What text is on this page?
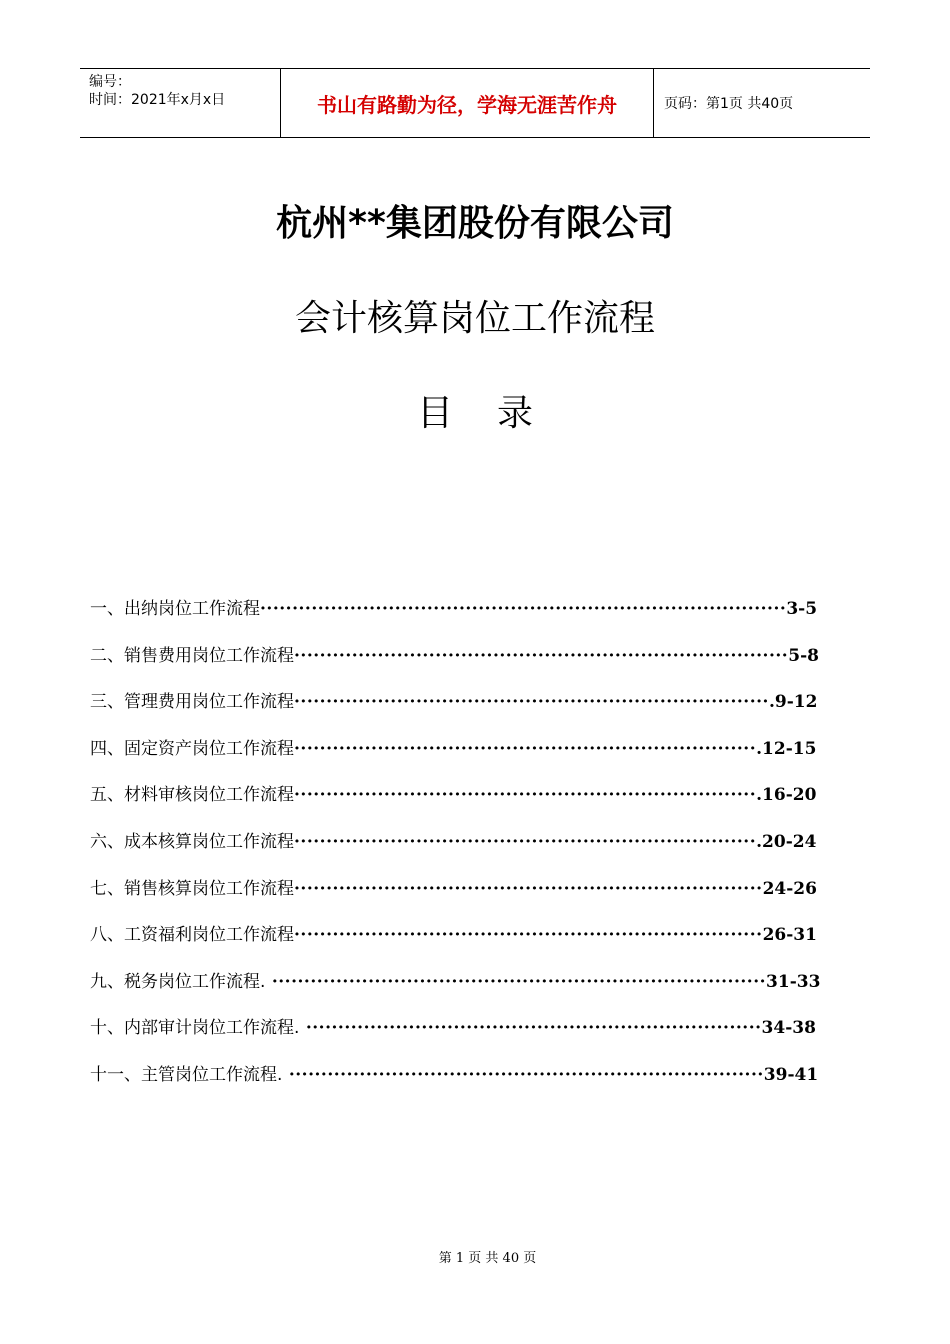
编号：
时间：2021年x月x日	书山有路勤为径，学海无涯苦作舟	页码：第1页 共40页
杭州**集团股份有限公司
会计核算岗位工作流程
目录
一、出纳岗位工作流程··················································································3-5
二、销售费用岗位工作流程·············································································5-8
三、管理费用岗位工作流程··········································································.9-12
四、固定资产岗位工作流程········································································.12-15
五、材料审核岗位工作流程········································································.16-20
六、成本核算岗位工作流程········································································.20-24
七、销售核算岗位工作流程·········································································24-26
八、工资福利岗位工作流程·········································································26-31
九、税务岗位工作流程. ·············································································31-33
十、内部审计岗位工作流程. ·······································································34-38
十一、主管岗位工作流程. ··········································································39-41
第 1 页 共 40 页
